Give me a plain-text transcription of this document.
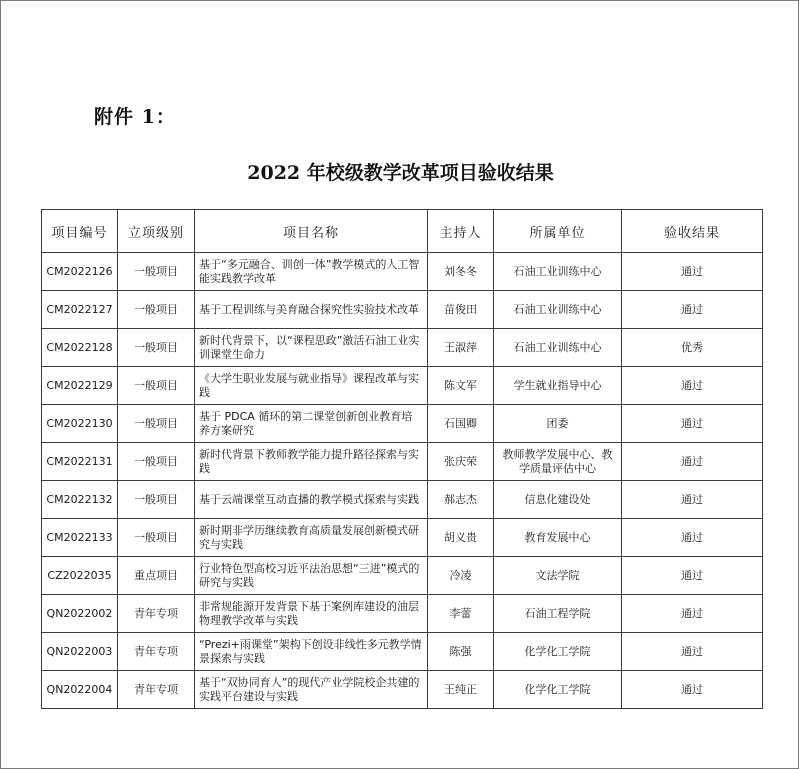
附件 1：
2022 年校级教学改革项目验收结果
项目编号	立项级别	项目名称	主持人	所属单位	验收结果
CM2022126	一般项目	基于“多元融合、训创一体”教学模式的人工智能实践教学改革	刘冬冬	石油工业训练中心	通过
CM2022127	一般项目	基于工程训练与美育融合探究性实验技术改革	苗俊田	石油工业训练中心	通过
CM2022128	一般项目	新时代背景下，以“课程思政”激活石油工业实训课堂生命力	王淑萍	石油工业训练中心	优秀
CM2022129	一般项目	《大学生职业发展与就业指导》课程改革与实践	陈文军	学生就业指导中心	通过
CM2022130	一般项目	基于 PDCA 循环的第二课堂创新创业教育培养方案研究	石国卿	团委	通过
CM2022131	一般项目	新时代背景下教师教学能力提升路径探索与实践	张庆荣	教师教学发展中心、教学质量评估中心	通过
CM2022132	一般项目	基于云端课堂互动直播的教学模式探索与实践	郝志杰	信息化建设处	通过
CM2022133	一般项目	新时期非学历继续教育高质量发展创新模式研究与实践	胡义贵	教育发展中心	通过
CZ2022035	重点项目	行业特色型高校习近平法治思想“三进”模式的研究与实践	冷凌	文法学院	通过
QN2022002	青年专项	非常规能源开发背景下基于案例库建设的油层物理教学改革与实践	李蕾	石油工程学院	通过
QN2022003	青年专项	“Prezi+雨课堂”架构下创设非线性多元教学情景探索与实践	陈强	化学化工学院	通过
QN2022004	青年专项	基于“双协同育人”的现代产业学院校企共建的实践平台建设与实践	王纯正	化学化工学院	通过
